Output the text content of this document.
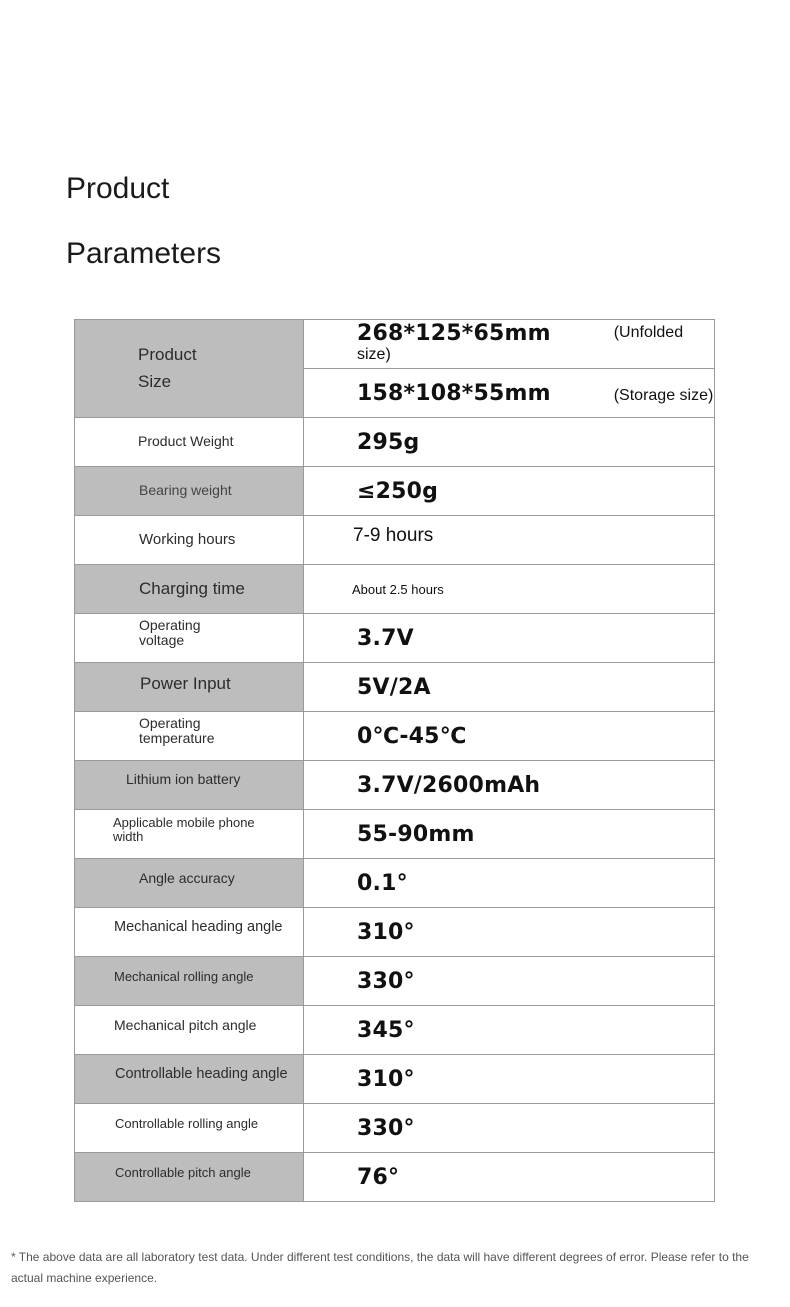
Product
Parameters
Product
Size	268*125*65mm (Unfolded size)

	158*108*55mm (Storage size)

Product Weight	295g

Bearing weight	≤250g

Working hours	7-9 hours

Charging time	About 2.5 hours

Operating
voltage	3.7V

Power Input	5V/2A

Operating
temperature	0℃-45℃

Lithium ion battery	3.7V/2600mAh

Applicable mobile phone
width	55-90mm

Angle accuracy	0.1°

Mechanical heading angle	310°

Mechanical rolling angle	330°

Mechanical pitch angle	345°

Controllable heading angle	310°

Controllable rolling angle	330°

Controllable pitch angle	76°
* The above data are all laboratory test data. Under different test conditions, the data will have different degrees of error. Please refer to the actual machine experience.
